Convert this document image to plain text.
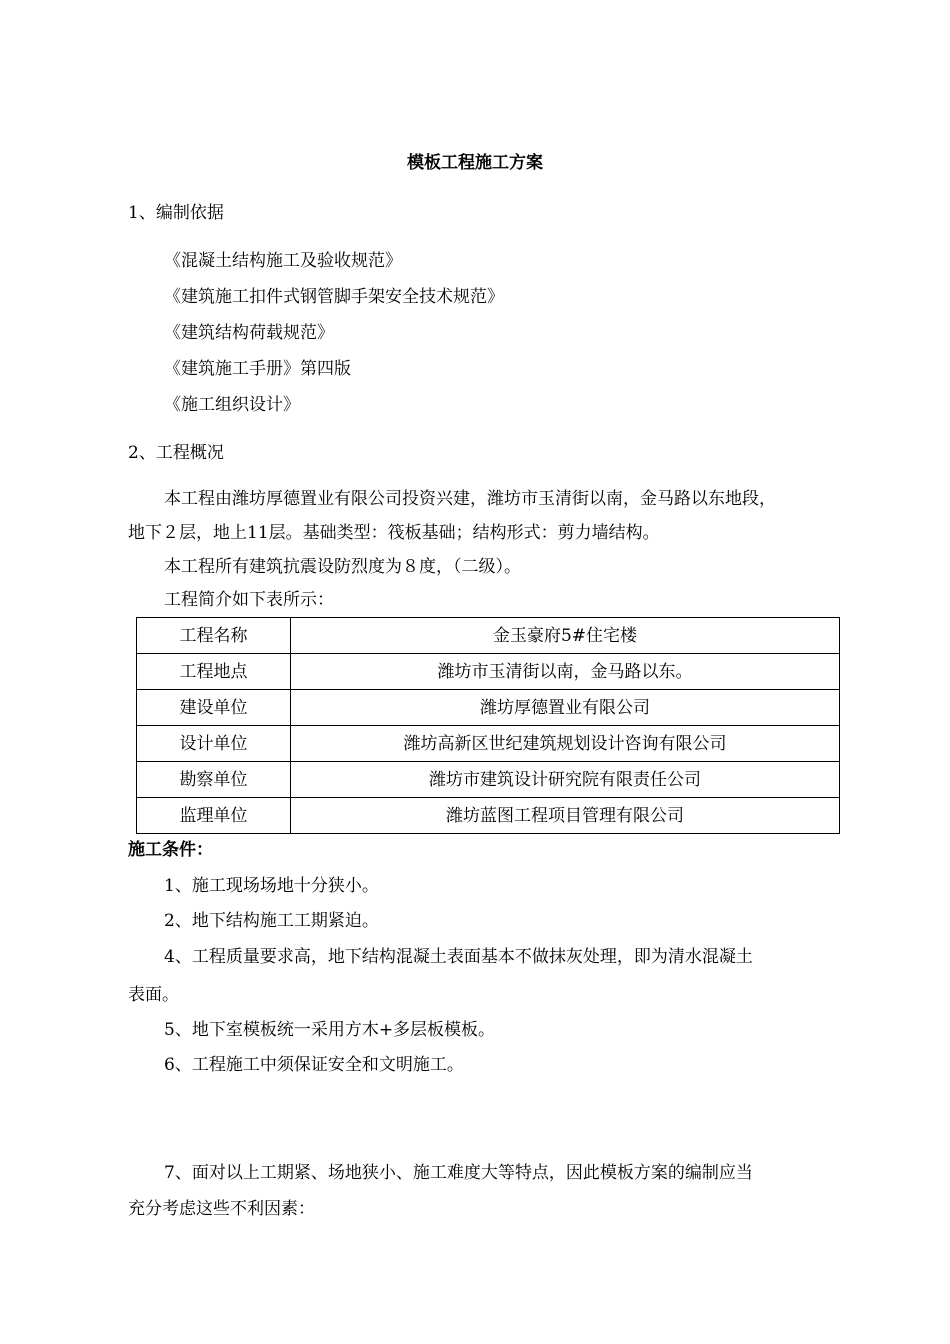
模板工程施工方案
1、编制依据
《混凝土结构施工及验收规范》
《建筑施工扣件式钢管脚手架安全技术规范》
《建筑结构荷载规范》
《建筑施工手册》第四版
《施工组织设计》
2、工程概况
本工程由潍坊厚德置业有限公司投资兴建，潍坊市玉清街以南，金马路以东地段，
地下２层，地上11层。基础类型：筏板基础；结构形式：剪力墙结构。
本工程所有建筑抗震设防烈度为８度，（二级）。
工程简介如下表所示：
工程名称	金玉豪府5#住宅楼
工程地点	潍坊市玉清街以南，金马路以东。
建设单位	潍坊厚德置业有限公司
设计单位	潍坊高新区世纪建筑规划设计咨询有限公司
勘察单位	潍坊市建筑设计研究院有限责任公司
监理单位	潍坊蓝图工程项目管理有限公司
施工条件：
1、施工现场场地十分狭小。
2、地下结构施工工期紧迫。
4、工程质量要求高，地下结构混凝土表面基本不做抹灰处理，即为清水混凝土
表面。
5、地下室模板统一采用方木+多层板模板。
6、工程施工中须保证安全和文明施工。
7、面对以上工期紧、场地狭小、施工难度大等特点，因此模板方案的编制应当
充分考虑这些不利因素：
